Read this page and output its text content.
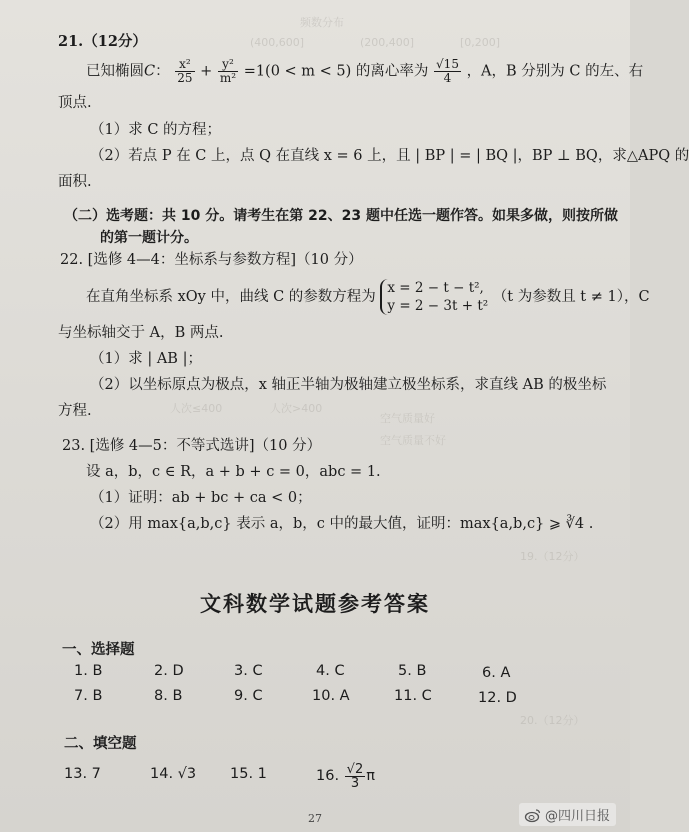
频数分布
[0,200]
(200,400]
(400,600]
空气质量好
空气质量不好
人次≤400	人次>400
19.（12分）
20.（12分）
21.（12分）
已知椭圆C： $\frac{\text{x²}}{25} + \frac{\text{y²}}{\text{m²}} =1(0 < m < 5)$ 的离心率为 $\frac{√15}{4}$ ，A，B 分别为 C 的左、右
顶点.
（1）求 C 的方程；
（2）若点 P 在 C 上，点 Q 在直线 x = 6 上，且 | BP | = | BQ |，BP ⊥ BQ，求△APQ 的
面积.
（二）选考题：共 10 分。请考生在第 22、23 题中任选一题作答。如果多做，则按所做
的第一题计分。
22. [选修 4—4：坐标系与参数方程]（10 分）
在直角坐标系 xOy 中，曲线 C 的参数方程为
x = 2 − t − t²,
y = 2 − 3t + t²
（t 为参数且 t ≠ 1），C
与坐标轴交于 A，B 两点.
（1）求 | AB |；
（2）以坐标原点为极点，x 轴正半轴为极轴建立极坐标系，求直线 AB 的极坐标
方程.
23. [选修 4—5：不等式选讲]（10 分）
设 a，b，c ∈ R，a + b + c = 0，abc = 1.
（1）证明：ab + bc + ca < 0；
（2）用 max{a,b,c} 表示 a，b，c 中的最大值，证明：max{a,b,c} ⩾ ∛4 .
文科数学试题参考答案
一、选择题
1. B	2. D	3. C	4. C	5. B	6. A
7. B	8. B	9. C	10. A	11. C	12. D
二、填空题
13. 7	14. √3 15. 1	16. $\frac{√2}{3}$ π
27	@四川日报
